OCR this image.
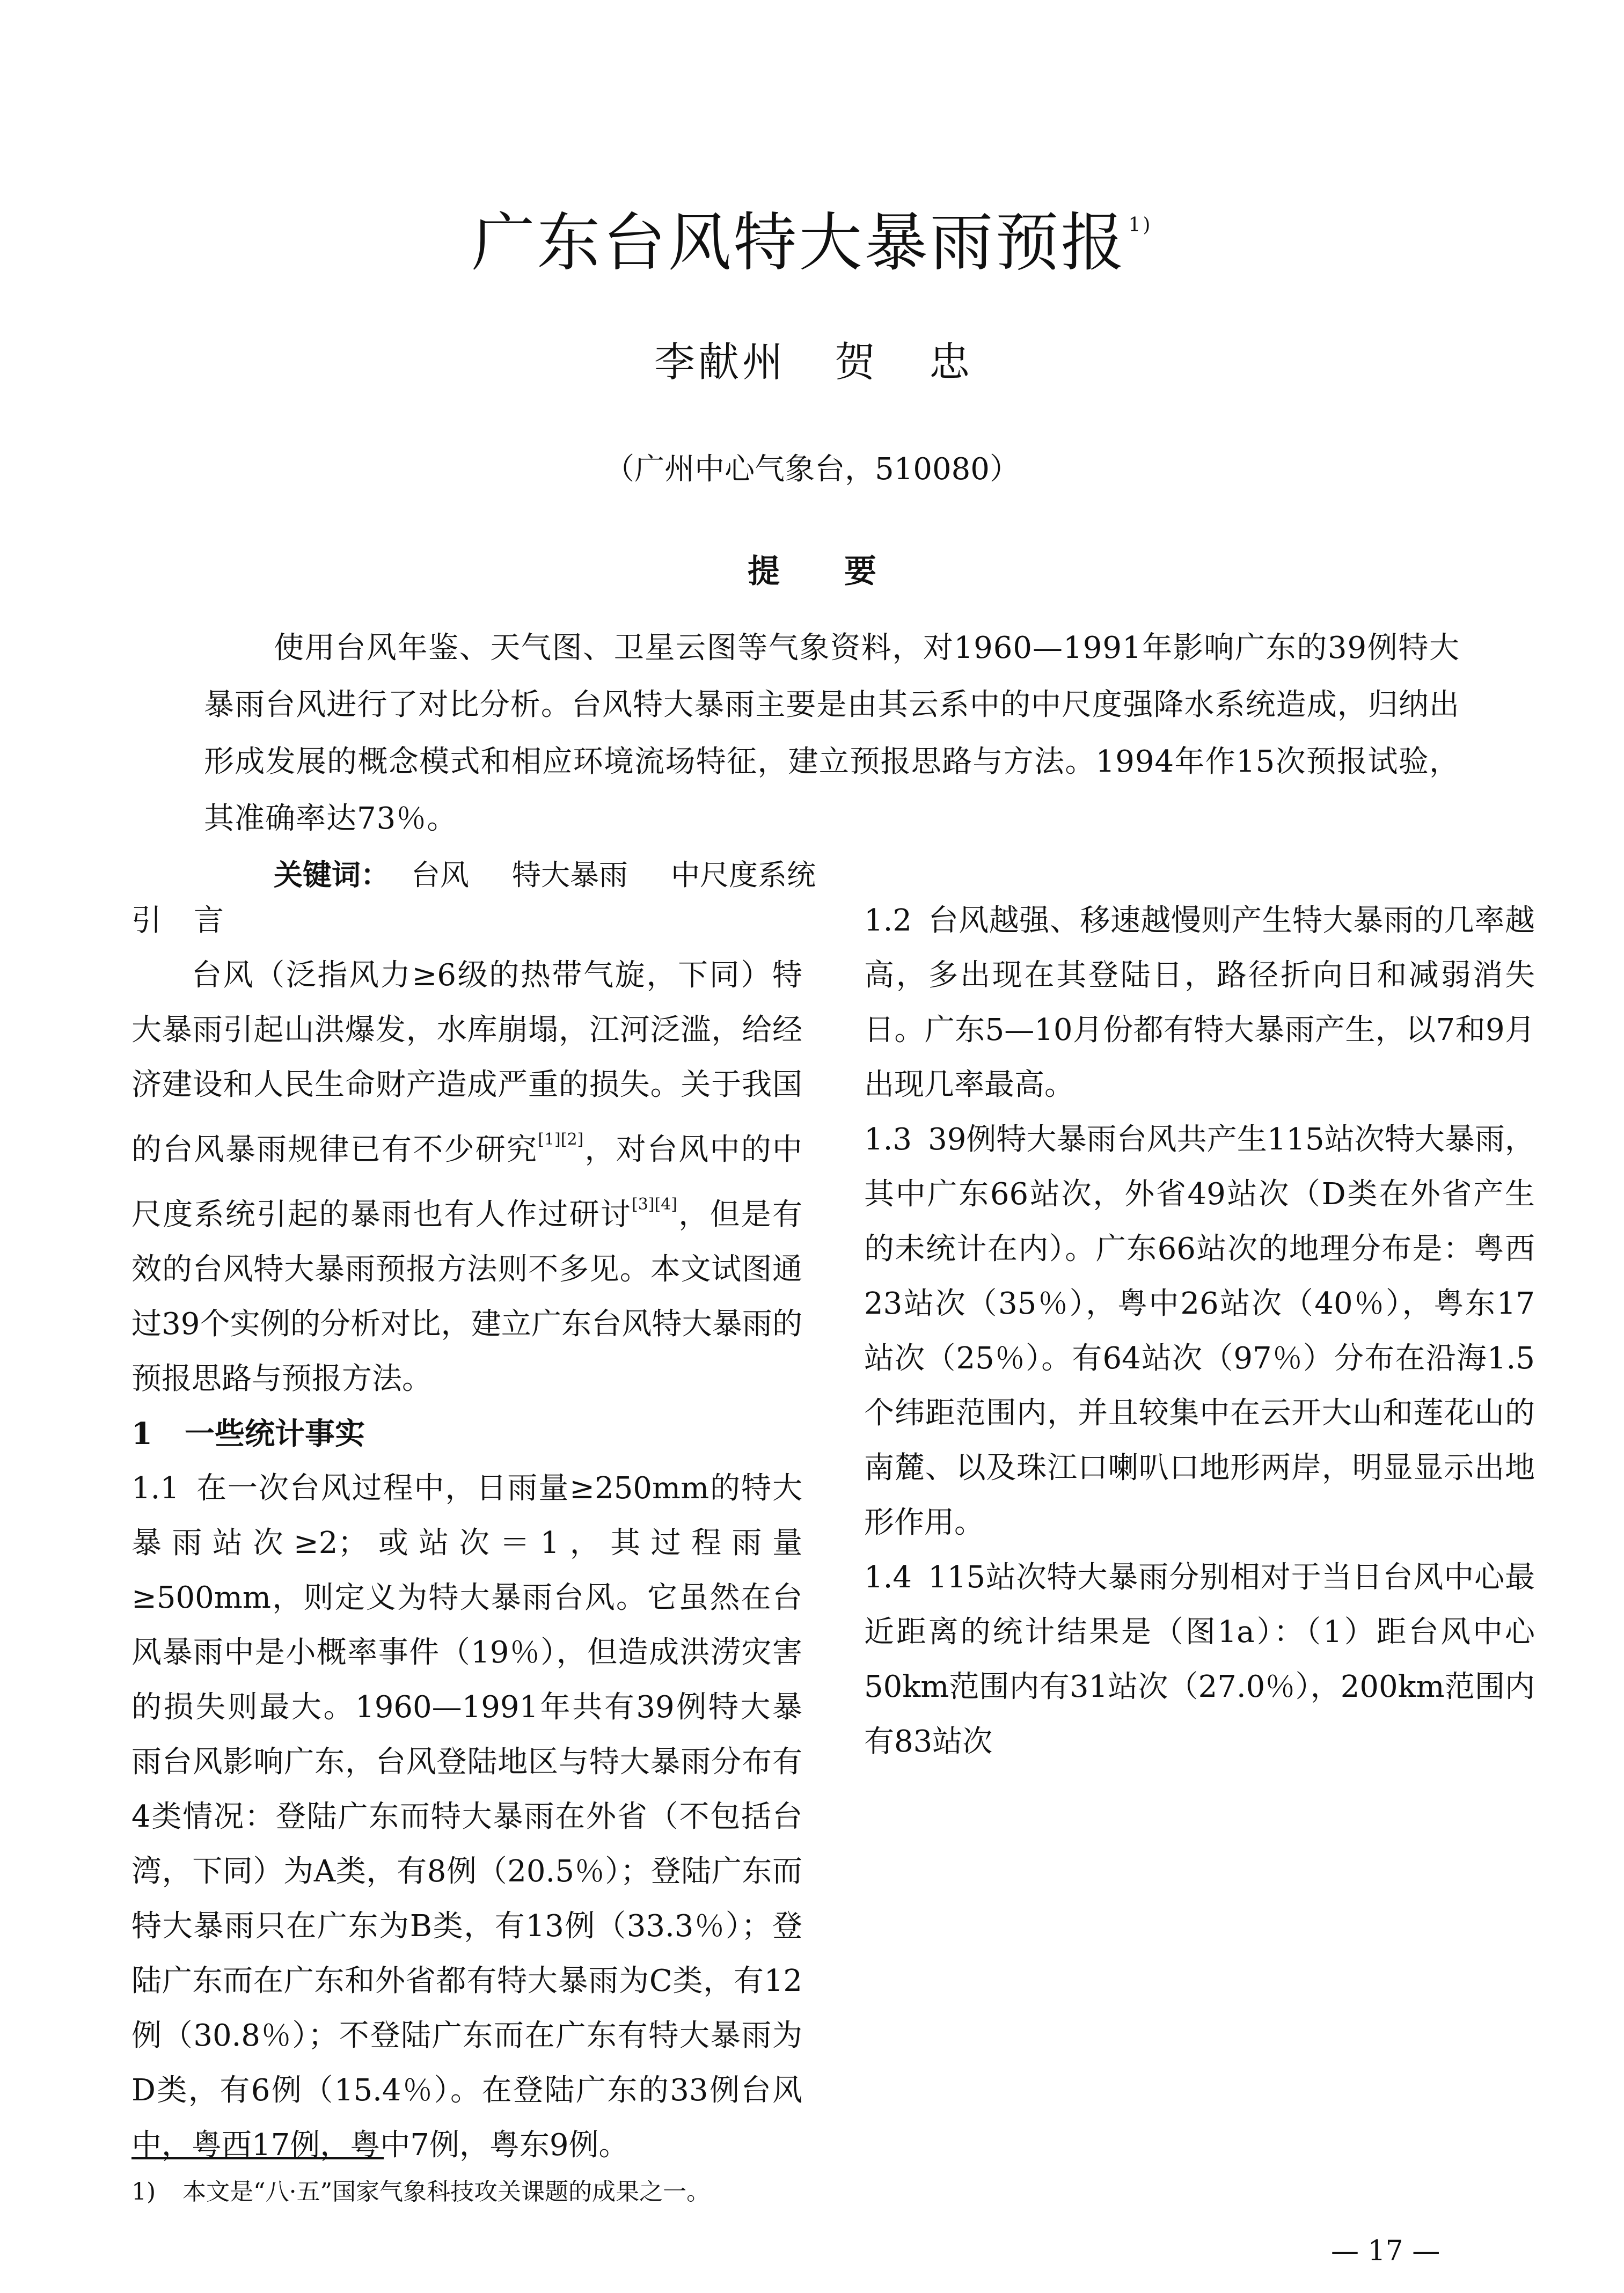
广东台风特大暴雨预报 $^{1)}$
李献州 贺忠
（广州中心气象台，510080）
提要

使用台风年鉴、天气图、卫星云图等气象资料，对1960—1991年影响广东的39例特大暴雨台风进行了对比分析。台风特大暴雨主要是由其云系中的中尺度强降水系统造成，归纳出形成发展的概念模式和相应环境流场特征，建立预报思路与方法。1994年作15次预报试验，其准确率达73％。

关键词： 台风 特大暴雨 中尺度系统

引言

台风（泛指风力≥6级的热带气旋，下同）特大暴雨引起山洪爆发，水库崩塌，江河泛滥，给经济建设和人民生命财产造成严重的损失。关于我国的台风暴雨规律已有不少研究[1][2]，对台风中的中尺度系统引起的暴雨也有人作过研讨[3][4]，但是有效的台风特大暴雨预报方法则不多见。本文试图通过39个实例的分析对比，建立广东台风特大暴雨的预报思路与预报方法。

1 一些统计事实

1.1 在一次台风过程中，日雨量≥250mm的特大暴雨站次≥2；或站次＝1，其过程雨量≥500mm，则定义为特大暴雨台风。它虽然在台风暴雨中是小概率事件（19％），但造成洪涝灾害的损失则最大。1960—1991年共有39例特大暴雨台风影响广东，台风登陆地区与特大暴雨分布有4类情况：登陆广东而特大暴雨在外省（不包括台湾，下同）为A类，有8例（20.5％）；登陆广东而特大暴雨只在广东为B类，有13例（33.3％）；登陆广东而在广东和外省都有特大暴雨为C类，有12例（30.8％）；不登陆广东而在广东有特大暴雨为D类，有6例（15.4％）。在登陆广东的33例台风中，粤西17例，粤中7例，粤东9例。

1.2 台风越强、移速越慢则产生特大暴雨的几率越高，多出现在其登陆日，路径折向日和减弱消失日。广东5—10月份都有特大暴雨产生，以7和9月出现几率最高。

1.3 39例特大暴雨台风共产生115站次特大暴雨，其中广东66站次，外省49站次（D类在外省产生的未统计在内）。广东66站次的地理分布是：粤西23站次（35％），粤中26站次（40％），粤东17站次（25％）。有64站次（97％）分布在沿海1.5个纬距范围内，并且较集中在云开大山和莲花山的南麓、以及珠江口喇叭口地形两岸，明显显示出地形作用。

1.4 115站次特大暴雨分别相对于当日台风中心最近距离的统计结果是（图1a）：（1）距台风中心50km范围内有31站次（27.0％），200km范围内有83站次

1) 本文是“八·五”国家气象科技攻关课题的成果之一。
— 17 —
